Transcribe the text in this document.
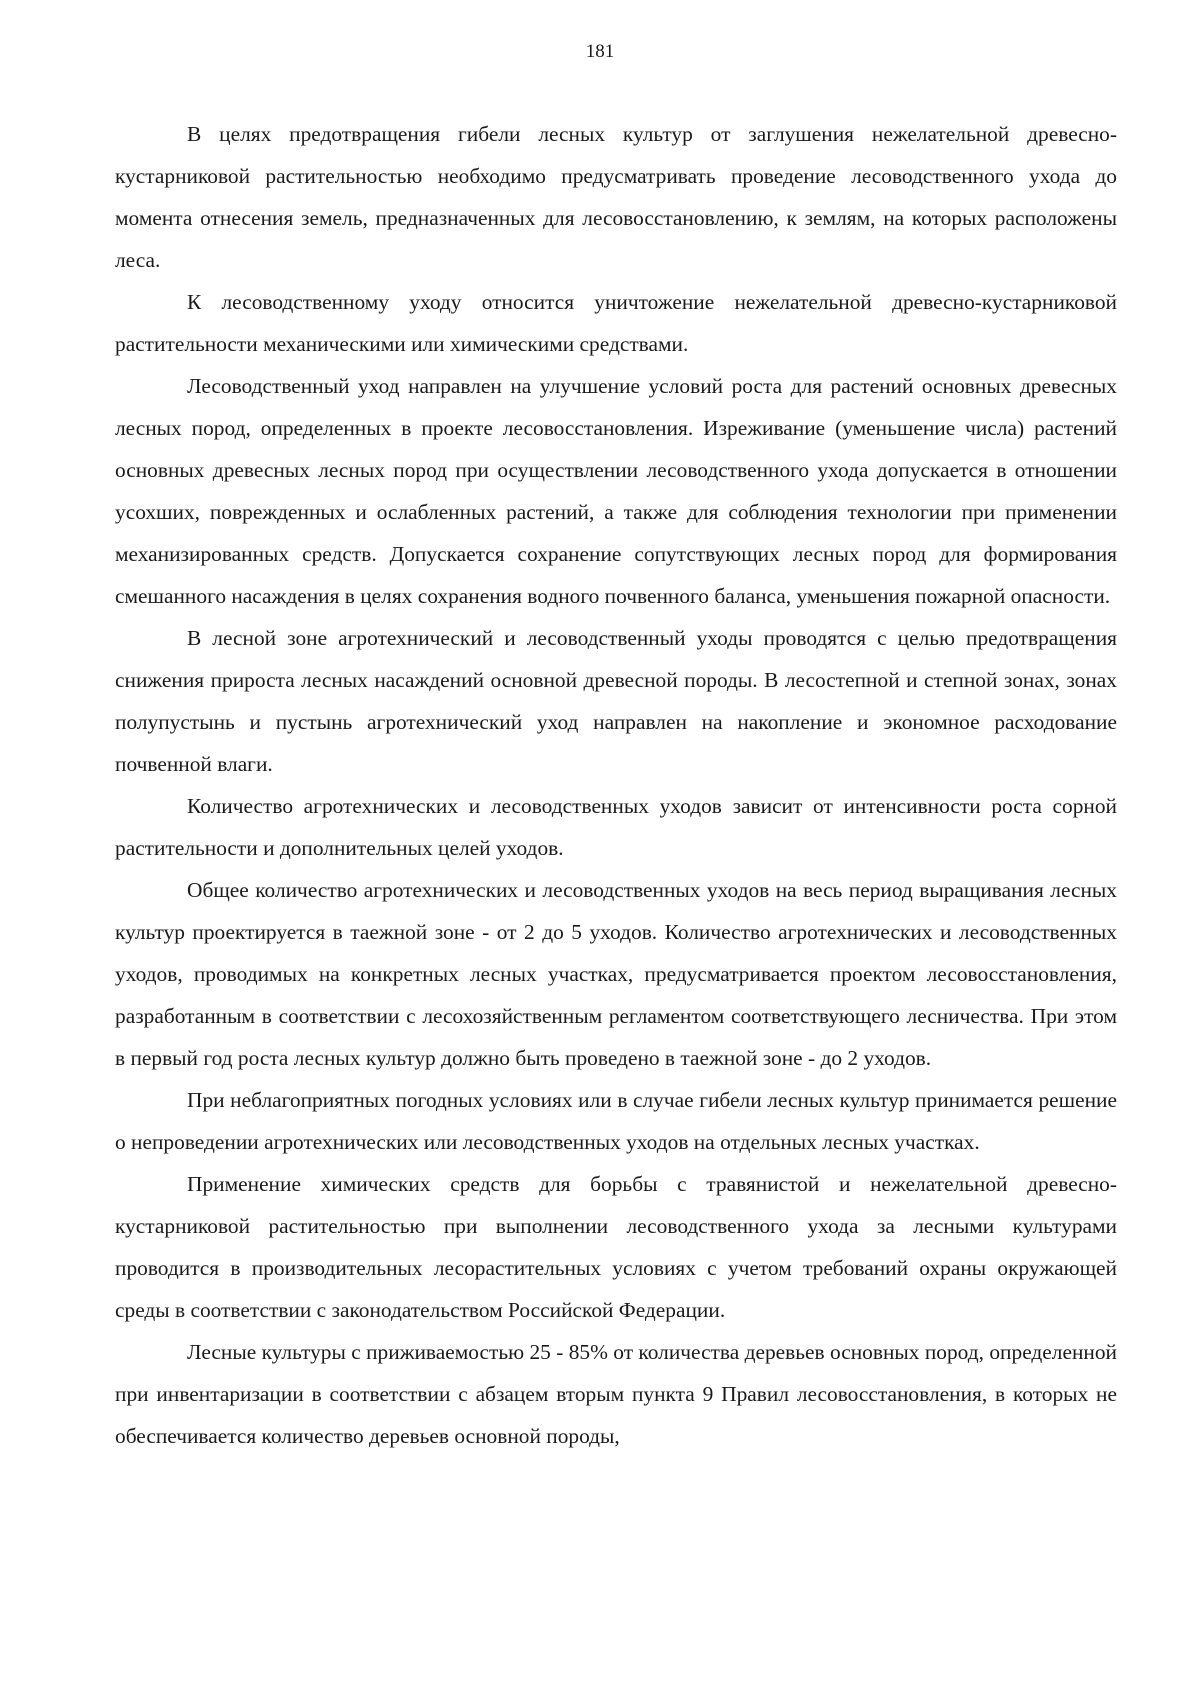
181

В целях предотвращения гибели лесных культур от заглушения нежелательной древесно-кустарниковой растительностью необходимо предусматривать проведение лесоводственного ухода до момента отнесения земель, предназначенных для лесовосстановлению, к землям, на которых расположены леса.

К лесоводственному уходу относится уничтожение нежелательной древесно-кустарниковой растительности механическими или химическими средствами.

Лесоводственный уход направлен на улучшение условий роста для растений основных древесных лесных пород, определенных в проекте лесовосстановления. Изреживание (уменьшение числа) растений основных древесных лесных пород при осуществлении лесоводственного ухода допускается в отношении усохших, поврежденных и ослабленных растений, а также для соблюдения технологии при применении механизированных средств. Допускается сохранение сопутствующих лесных пород для формирования смешанного насаждения в целях сохранения водного почвенного баланса, уменьшения пожарной опасности.

В лесной зоне агротехнический и лесоводственный уходы проводятся с целью предотвращения снижения прироста лесных насаждений основной древесной породы. В лесостепной и степной зонах, зонах полупустынь и пустынь агротехнический уход направлен на накопление и экономное расходование почвенной влаги.

Количество агротехнических и лесоводственных уходов зависит от интенсивности роста сорной растительности и дополнительных целей уходов.

Общее количество агротехнических и лесоводственных уходов на весь период выращивания лесных культур проектируется в таежной зоне - от 2 до 5 уходов. Количество агротехнических и лесоводственных уходов, проводимых на конкретных лесных участках, предусматривается проектом лесовосстановления, разработанным в соответствии с лесохозяйственным регламентом соответствующего лесничества. При этом в первый год роста лесных культур должно быть проведено в таежной зоне - до 2 уходов.

При неблагоприятных погодных условиях или в случае гибели лесных культур принимается решение о непроведении агротехнических или лесоводственных уходов на отдельных лесных участках.

Применение химических средств для борьбы с травянистой и нежелательной древесно-кустарниковой растительностью при выполнении лесоводственного ухода за лесными культурами проводится в производительных лесорастительных условиях с учетом требований охраны окружающей среды в соответствии с законодательством Российской Федерации.

Лесные культуры с приживаемостью 25 - 85% от количества деревьев основных пород, определенной при инвентаризации в соответствии с абзацем вторым пункта 9 Правил лесовосстановления, в которых не обеспечивается количество деревьев основной породы,
